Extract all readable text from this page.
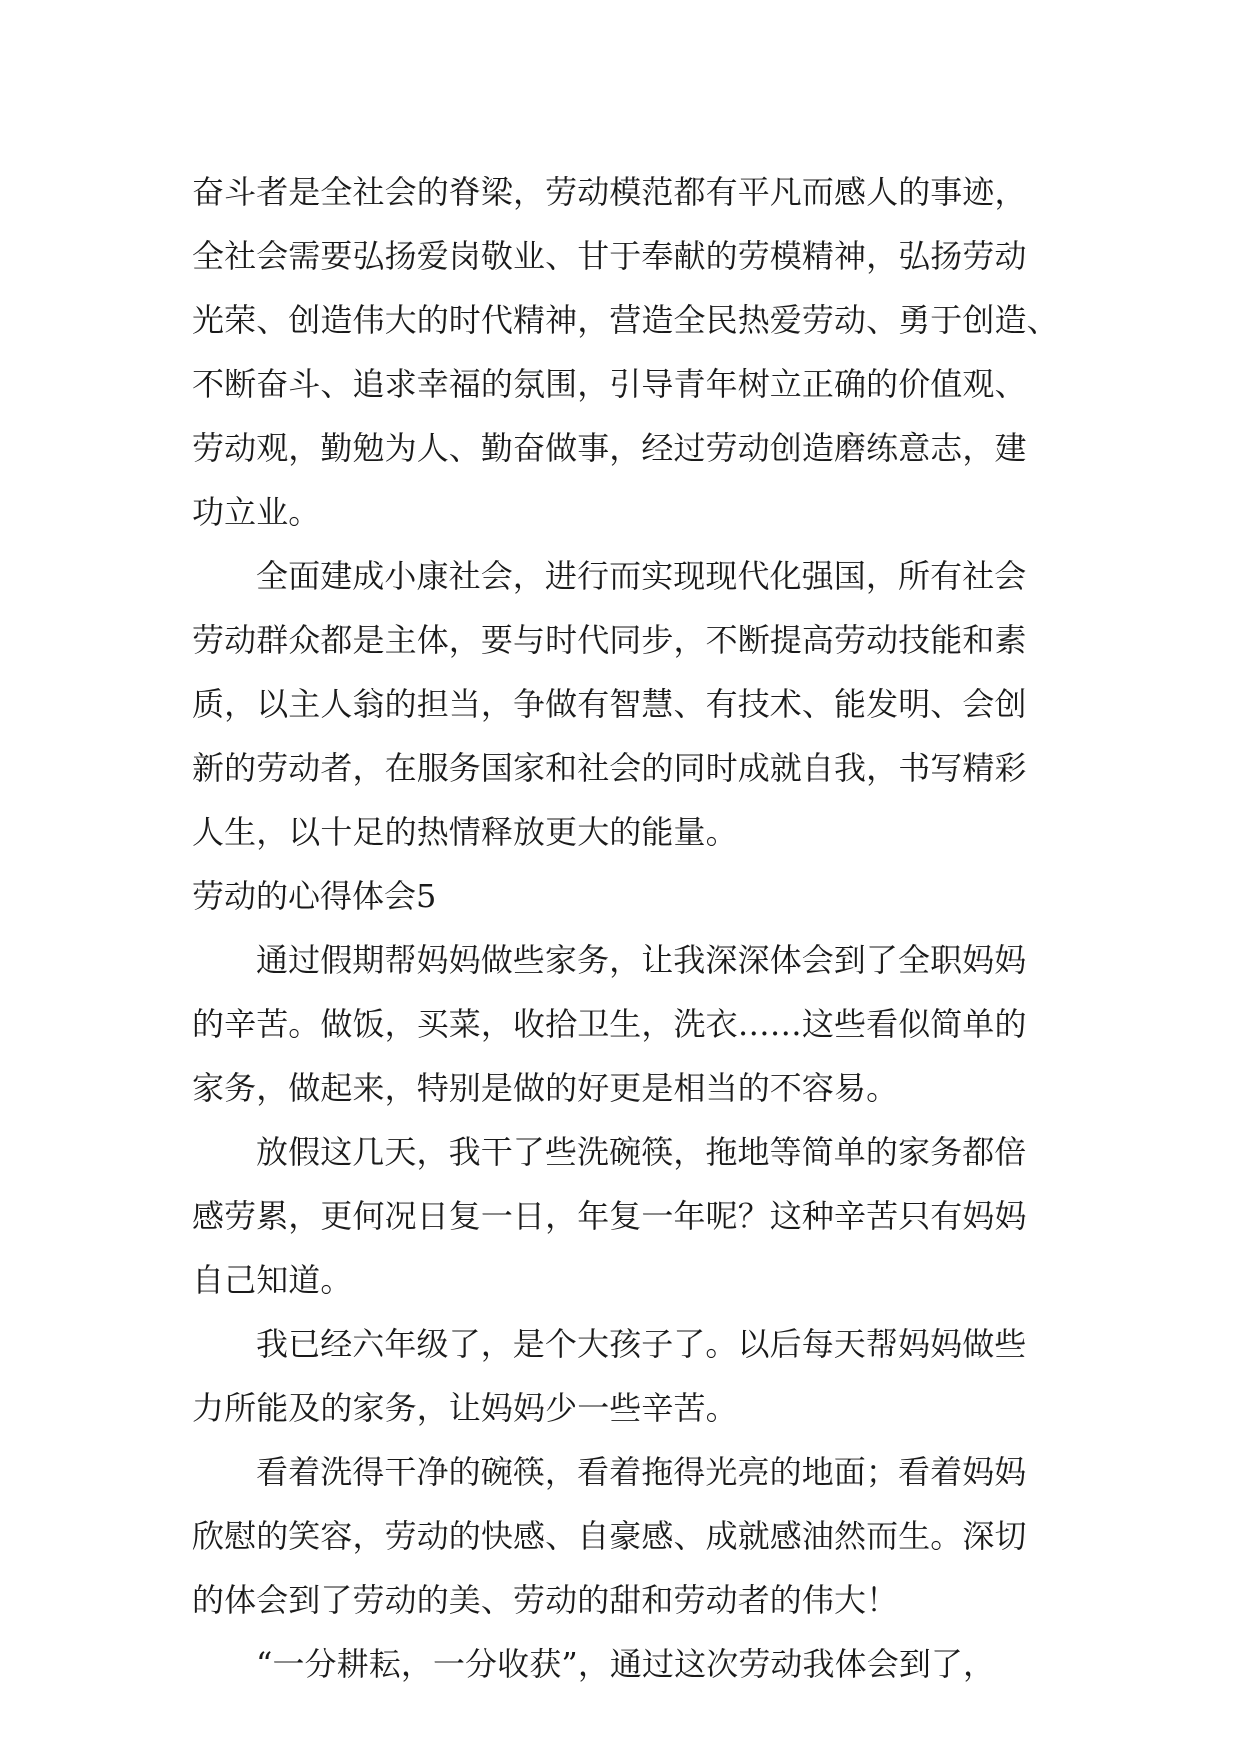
奋斗者是全社会的脊梁，劳动模范都有平凡而感人的事迹，
全社会需要弘扬爱岗敬业、甘于奉献的劳模精神，弘扬劳动
光荣、创造伟大的时代精神，营造全民热爱劳动、勇于创造、
不断奋斗、追求幸福的氛围，引导青年树立正确的价值观、
劳动观，勤勉为人、勤奋做事，经过劳动创造磨练意志，建
功立业。
全面建成小康社会，进行而实现现代化强国，所有社会
劳动群众都是主体，要与时代同步，不断提高劳动技能和素
质，以主人翁的担当，争做有智慧、有技术、能发明、会创
新的劳动者，在服务国家和社会的同时成就自我，书写精彩
人生，以十足的热情释放更大的能量。
劳动的心得体会5
通过假期帮妈妈做些家务，让我深深体会到了全职妈妈
的辛苦。做饭，买菜，收拾卫生，洗衣……这些看似简单的
家务，做起来，特别是做的好更是相当的不容易。
放假这几天，我干了些洗碗筷，拖地等简单的家务都倍
感劳累，更何况日复一日，年复一年呢？这种辛苦只有妈妈
自己知道。
我已经六年级了，是个大孩子了。以后每天帮妈妈做些
力所能及的家务，让妈妈少一些辛苦。
看着洗得干净的碗筷，看着拖得光亮的地面；看着妈妈
欣慰的笑容，劳动的快感、自豪感、成就感油然而生。深切
的体会到了劳动的美、劳动的甜和劳动者的伟大！
“一分耕耘，一分收获”，通过这次劳动我体会到了，
